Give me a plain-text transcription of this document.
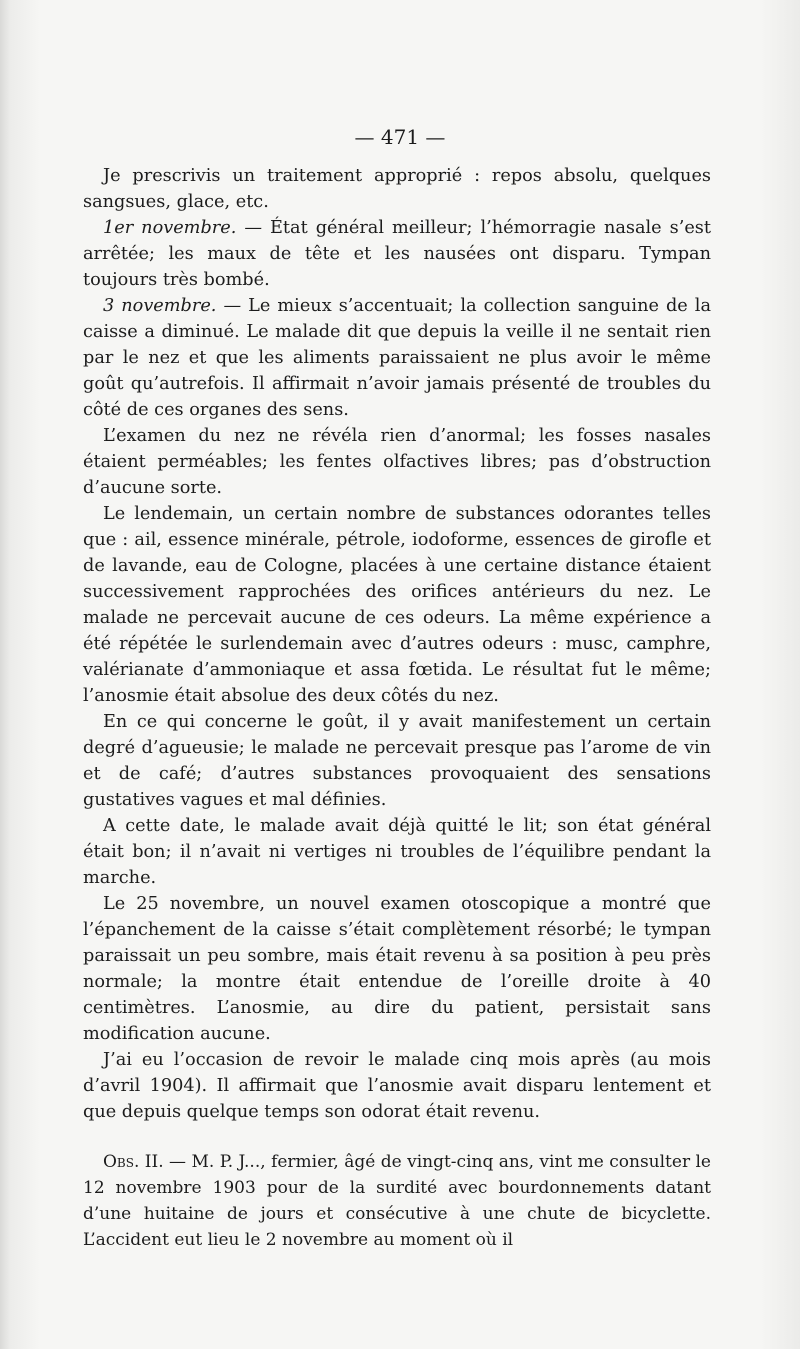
— 471 —

Je prescrivis un traitement approprié : repos absolu, quelques sangsues, glace, etc.

1er novembre. — État général meilleur; l’hémorragie nasale s’est arrêtée; les maux de tête et les nausées ont disparu. Tympan toujours très bombé.

3 novembre. — Le mieux s’accentuait; la collection sanguine de la caisse a diminué. Le malade dit que depuis la veille il ne sentait rien par le nez et que les aliments paraissaient ne plus avoir le même goût qu’autrefois. Il affirmait n’avoir jamais présenté de troubles du côté de ces organes des sens.

L’examen du nez ne révéla rien d’anormal; les fosses nasales étaient perméables; les fentes olfactives libres; pas d’obstruction d’aucune sorte.

Le lendemain, un certain nombre de substances odorantes telles que : ail, essence minérale, pétrole, iodoforme, essences de girofle et de lavande, eau de Cologne, placées à une certaine distance étaient successivement rapprochées des orifices antérieurs du nez. Le malade ne percevait aucune de ces odeurs. La même expérience a été répétée le surlendemain avec d’autres odeurs : musc, camphre, valérianate d’ammoniaque et assa fœtida. Le résultat fut le même; l’anosmie était absolue des deux côtés du nez.

En ce qui concerne le goût, il y avait manifestement un certain degré d’agueusie; le malade ne percevait presque pas l’arome de vin et de café; d’autres substances provoquaient des sensations gustatives vagues et mal définies.

A cette date, le malade avait déjà quitté le lit; son état général était bon; il n’avait ni vertiges ni troubles de l’équilibre pendant la marche.

Le 25 novembre, un nouvel examen otoscopique a montré que l’épanchement de la caisse s’était complètement résorbé; le tympan paraissait un peu sombre, mais était revenu à sa position à peu près normale; la montre était entendue de l’oreille droite à 40 centimètres. L’anosmie, au dire du patient, persistait sans modification aucune.

J’ai eu l’occasion de revoir le malade cinq mois après (au mois d’avril 1904). Il affirmait que l’anosmie avait disparu lentement et que depuis quelque temps son odorat était revenu.

Obs. II. — M. P. J..., fermier, âgé de vingt-cinq ans, vint me consulter le 12 novembre 1903 pour de la surdité avec bourdonnements datant d’une huitaine de jours et consécutive à une chute de bicyclette. L’accident eut lieu le 2 novembre au moment où il
